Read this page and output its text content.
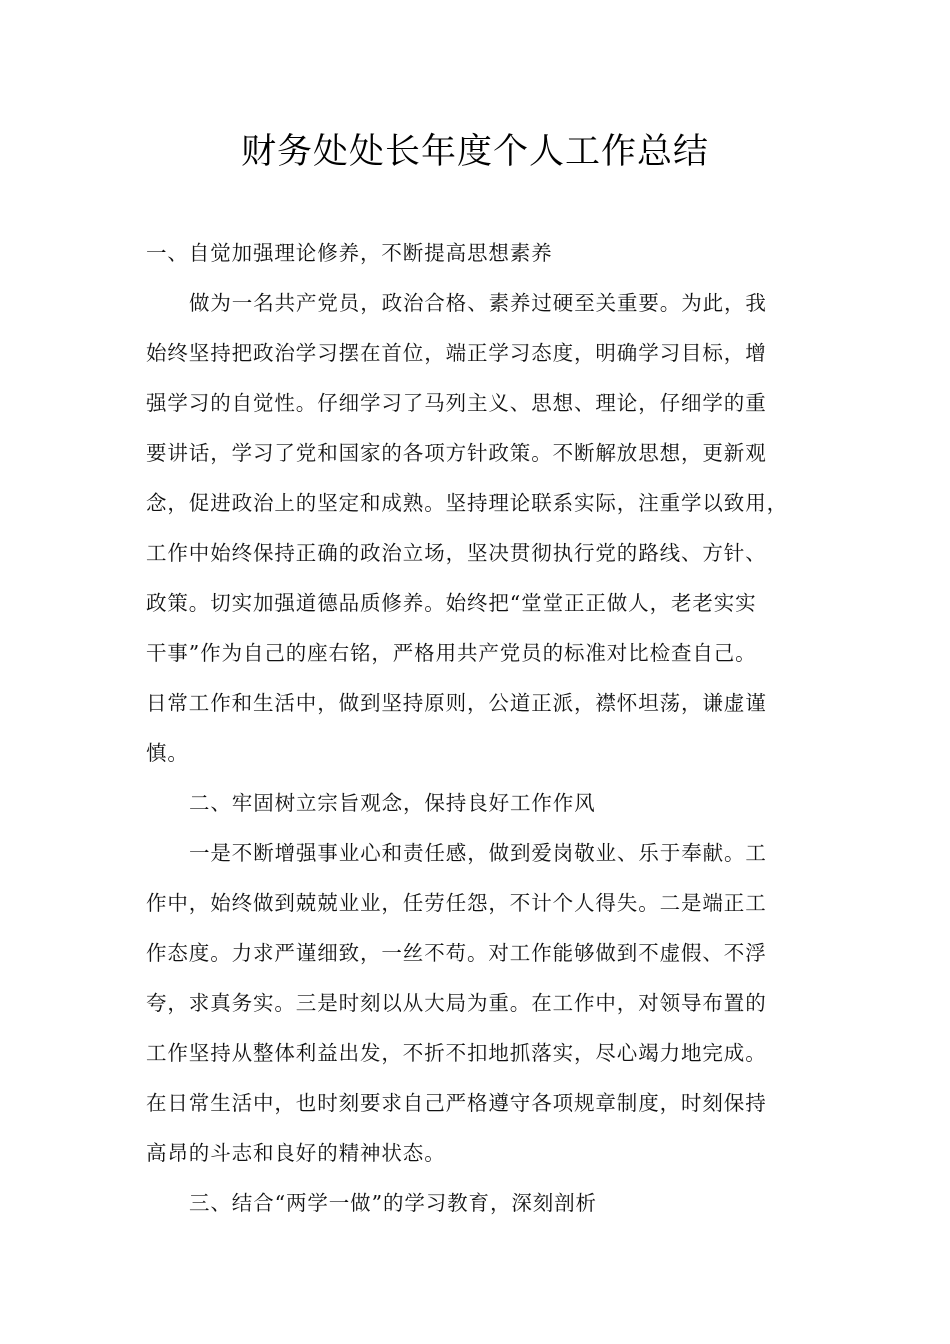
财务处处长年度个人工作总结
一、自觉加强理论修养，不断提高思想素养
做为一名共产党员，政治合格、素养过硬至关重要。为此，我
始终坚持把政治学习摆在首位，端正学习态度，明确学习目标，增
强学习的自觉性。仔细学习了马列主义、思想、理论，仔细学的重
要讲话，学习了党和国家的各项方针政策。不断解放思想，更新观
念，促进政治上的坚定和成熟。坚持理论联系实际，注重学以致用，
工作中始终保持正确的政治立场，坚决贯彻执行党的路线、方针、
政策。切实加强道德品质修养。始终把“堂堂正正做人，老老实实
干事”作为自己的座右铭，严格用共产党员的标准对比检查自己。
日常工作和生活中，做到坚持原则，公道正派，襟怀坦荡，谦虚谨
慎。
二、牢固树立宗旨观念，保持良好工作作风
一是不断增强事业心和责任感，做到爱岗敬业、乐于奉献。工
作中，始终做到兢兢业业，任劳任怨，不计个人得失。二是端正工
作态度。力求严谨细致，一丝不苟。对工作能够做到不虚假、不浮
夸，求真务实。三是时刻以从大局为重。在工作中，对领导布置的
工作坚持从整体利益出发，不折不扣地抓落实，尽心竭力地完成。
在日常生活中，也时刻要求自己严格遵守各项规章制度，时刻保持
高昂的斗志和良好的精神状态。
三、结合“两学一做”的学习教育，深刻剖析
